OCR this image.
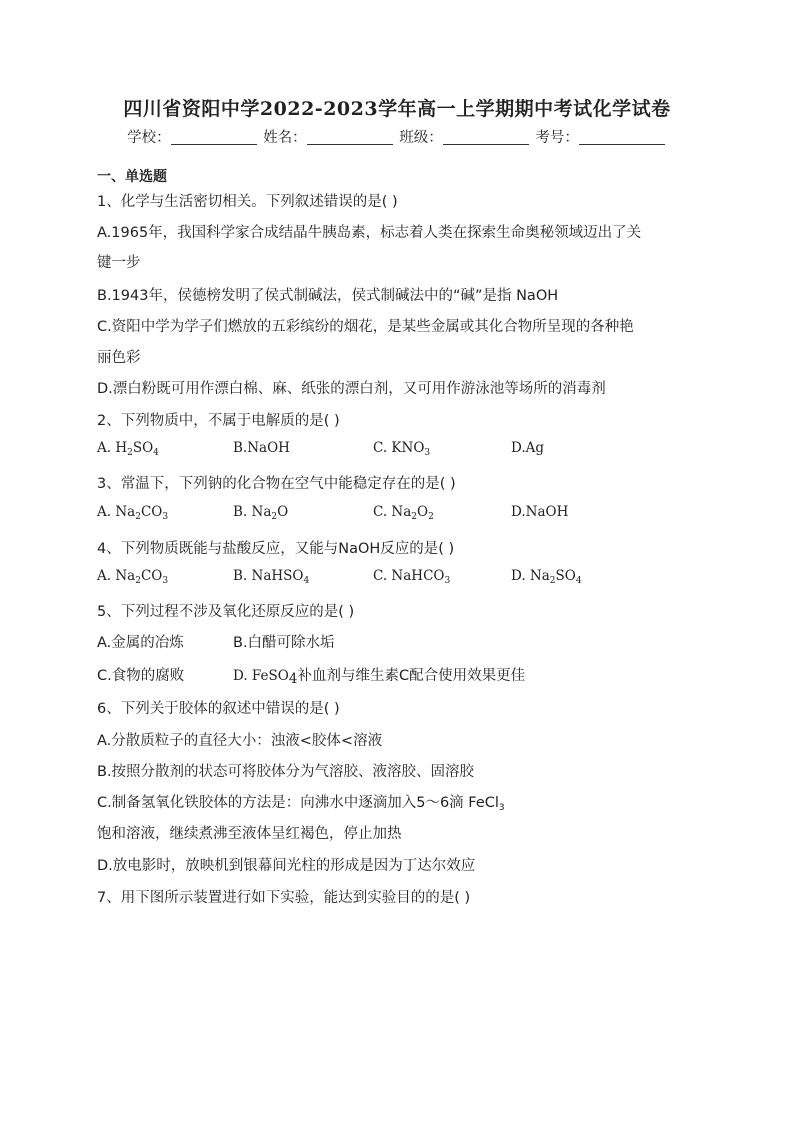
四川省资阳中学2022-2023学年高一上学期期中考试化学试卷
学校：	姓名：	班级：	考号：
一、单选题
1、化学与生活密切相关。下列叙述错误的是( )
A.1965年，我国科学家合成结晶牛胰岛素，标志着人类在探索生命奥秘领域迈出了关
键一步
B.1943年，侯德榜发明了侯式制碱法，侯式制碱法中的“碱”是指 NaOH
C.资阳中学为学子们燃放的五彩缤纷的烟花，是某些金属或其化合物所呈现的各种艳
丽色彩
D.漂白粉既可用作漂白棉、麻、纸张的漂白剂，又可用作游泳池等场所的消毒剂
2、下列物质中，不属于电解质的是( )
A. $H_2SO_4$	B.NaOH	C. $KNO_3$	D.Ag
3、常温下，下列钠的化合物在空气中能稳定存在的是( )
A. $Na_2CO_3$	B. $Na_2O$	C. $Na_2O_2$	D.NaOH
4、下列物质既能与盐酸反应，又能与NaOH反应的是( )
A. $Na_2CO_3$	B. NaHSO$_4$	C. NaHCO$_3$	D. $Na_2SO_4$
5、下列过程不涉及氧化还原反应的是( )
A.金属的冶炼	B.白醋可除水垢
C.食物的腐败	D. FeSO$_4$补血剂与维生素C配合使用效果更佳
6、下列关于胶体的叙述中错误的是( )
A.分散质粒子的直径大小：浊液<胶体<溶液
B.按照分散剂的状态可将胶体分为气溶胶、液溶胶、固溶胶
C.制备氢氧化铁胶体的方法是：向沸水中逐滴加入5～6滴 FeCl$_3$
饱和溶液，继续煮沸至液体呈红褐色，停止加热
D.放电影时，放映机到银幕间光柱的形成是因为丁达尔效应
7、用下图所示装置进行如下实验，能达到实验目的的是( )
